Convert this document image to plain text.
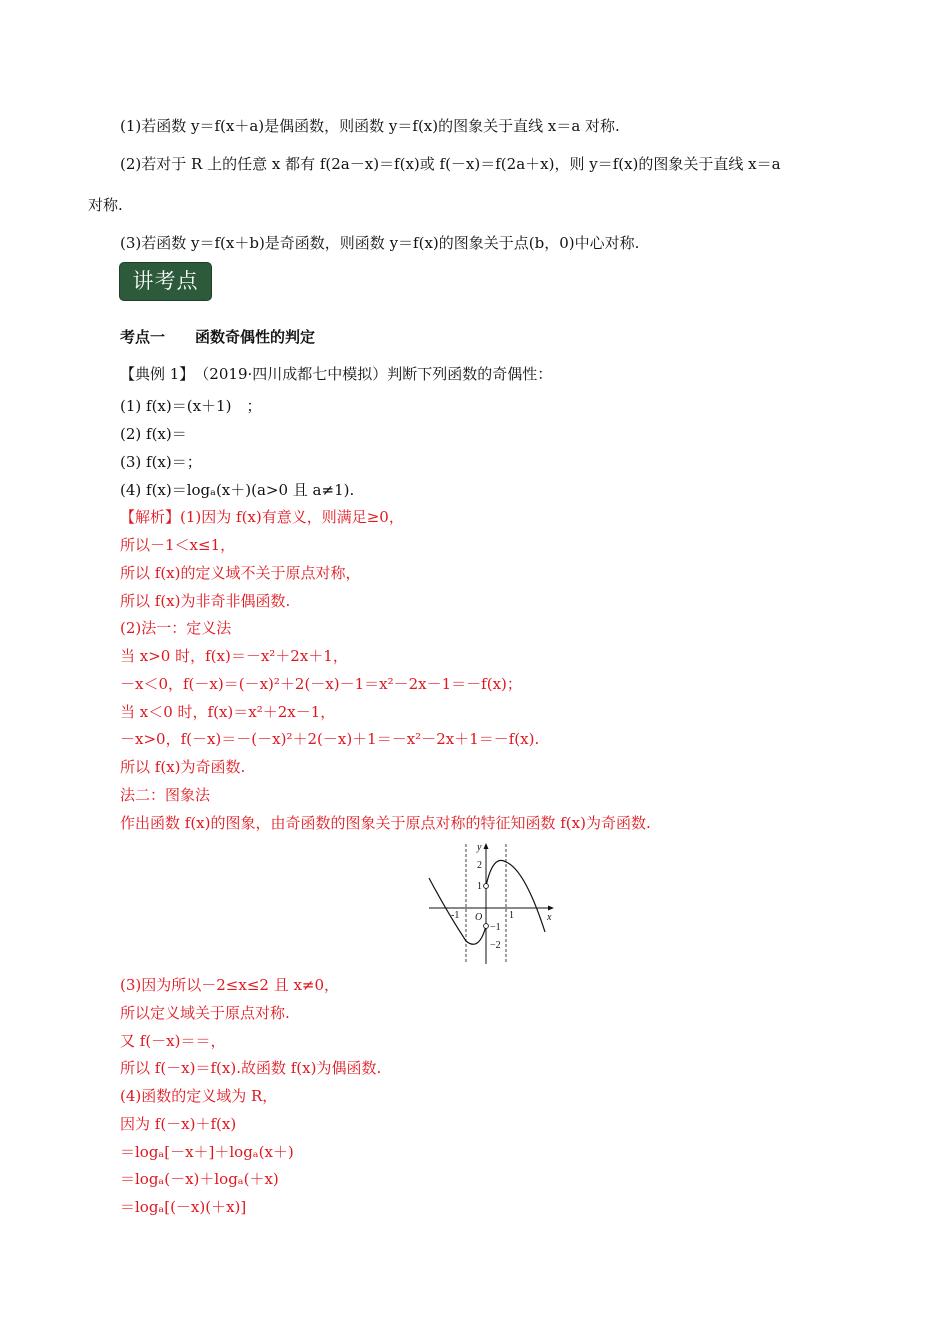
(1)若函数 y＝f(x＋a)是偶函数，则函数 y＝f(x)的图象关于直线 x＝a 对称.
(2)若对于 R 上的任意 x 都有 f(2a－x)＝f(x)或 f(－x)＝f(2a＋x)，则 y＝f(x)的图象关于直线 x＝a
对称.
(3)若函数 y＝f(x＋b)是奇函数，则函数 y＝f(x)的图象关于点(b，0)中心对称.
讲考点
考点一　　函数奇偶性的判定
【典例 1】　（2019·四川成都七中模拟）判断下列函数的奇偶性：
(1) f(x)＝(x＋1)　；
(2) f(x)＝
(3) f(x)＝；
(4) f(x)＝logₐ(x＋)(a>0 且 a≠1).
【解析】(1)因为 f(x)有意义，则满足≥0，
所以－1＜x≤1，
所以 f(x)的定义域不关于原点对称，
所以 f(x)为非奇非偶函数.
(2)法一：定义法
当 x>0 时，f(x)＝－x²＋2x＋1，
－x＜0，f(－x)＝(－x)²＋2(－x)－1＝x²－2x－1＝－f(x)；
当 x＜0 时，f(x)＝x²＋2x－1，
－x>0，f(－x)＝－(－x)²＋2(－x)＋1＝－x²－2x＋1＝－f(x).
所以 f(x)为奇函数.
法二：图象法
作出函数 f(x)的图象，由奇函数的图象关于原点对称的特征知函数 f(x)为奇函数.
y
x
O
2
1
-1	1
−1
−2
(3)因为所以－2≤x≤2 且 x≠0，
所以定义域关于原点对称.
又 f(－x)＝＝，
所以 f(－x)＝f(x).故函数 f(x)为偶函数.
(4)函数的定义域为 R，
因为 f(－x)＋f(x)
＝logₐ[－x＋]＋logₐ(x＋)
＝logₐ(－x)＋logₐ(＋x)
＝logₐ[(－x)(＋x)]
